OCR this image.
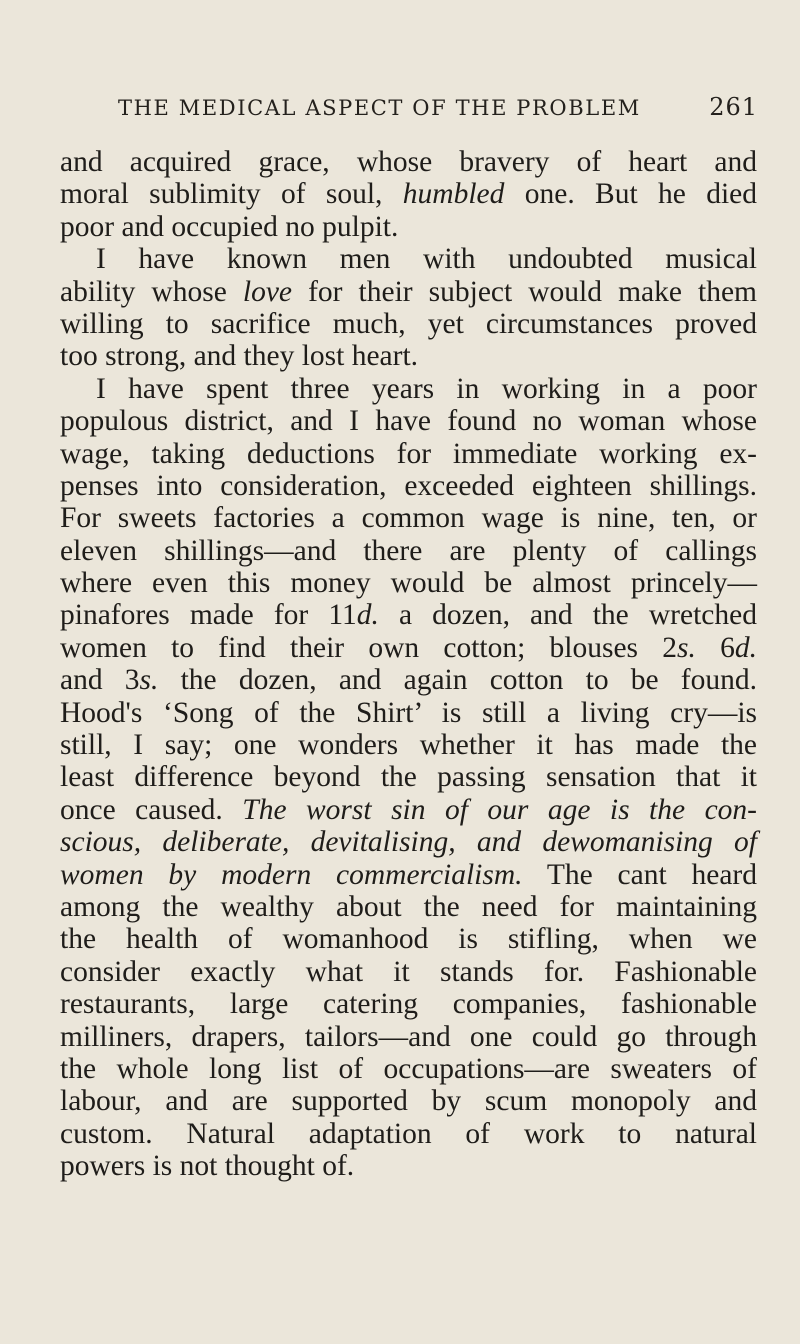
THE MEDICAL ASPECT OF THE PROBLEM	261
and acquired grace, whose bravery of heart and
moral sublimity of soul, humbled one. But he died
poor and occupied no pulpit.
I have known men with undoubted musical
ability whose love for their subject would make them
willing to sacrifice much, yet circumstances proved
too strong, and they lost heart.
I have spent three years in working in a poor
populous district, and I have found no woman whose
wage, taking deductions for immediate working ex-
penses into consideration, exceeded eighteen shillings.
For sweets factories a common wage is nine, ten, or
eleven shillings—and there are plenty of callings
where even this money would be almost princely—
pinafores made for 11d. a dozen, and the wretched
women to find their own cotton; blouses 2s. 6d.
and 3s. the dozen, and again cotton to be found.
Hood's ‘Song of the Shirt’ is still a living cry—is
still, I say; one wonders whether it has made the
least difference beyond the passing sensation that it
once caused. The worst sin of our age is the con-
scious, deliberate, devitalising, and dewomanising of
women by modern commercialism. The cant heard
among the wealthy about the need for maintaining
the health of womanhood is stifling, when we
consider exactly what it stands for. Fashionable
restaurants, large catering companies, fashionable
milliners, drapers, tailors—and one could go through
the whole long list of occupations—are sweaters of
labour, and are supported by scum monopoly and
custom. Natural adaptation of work to natural
powers is not thought of.
